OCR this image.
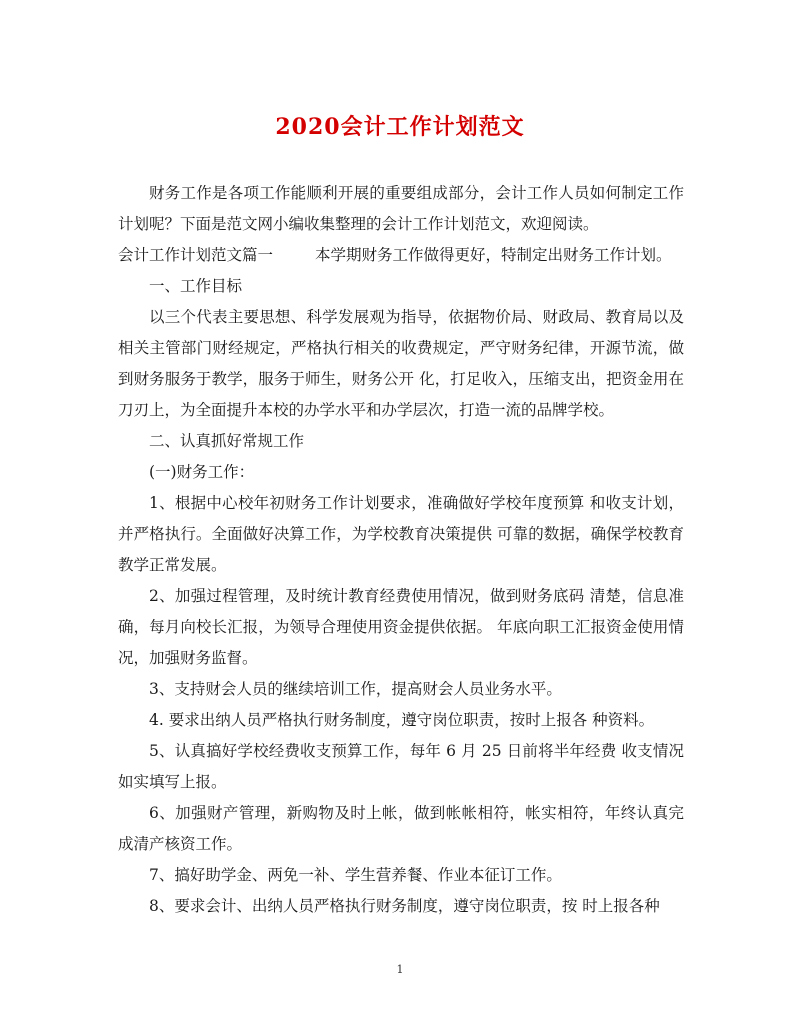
2020会计工作计划范文

财务工作是各项工作能顺利开展的重要组成部分，会计工作人员如何制定工作计划呢？下面是范文网小编收集整理的会计工作计划范文，欢迎阅读。

会计工作计划范文篇一	本学期财务工作做得更好，特制定出财务工作计划。

一、工作目标

以三个代表主要思想、科学发展观为指导，依据物价局、财政局、教育局以及相关主管部门财经规定，严格执行相关的收费规定，严守财务纪律，开源节流，做到财务服务于教学，服务于师生，财务公开 化，打足收入，压缩支出，把资金用在刀刃上，为全面提升本校的办学水平和办学层次，打造一流的品牌学校。

二、认真抓好常规工作

(一)财务工作：

1、根据中心校年初财务工作计划要求，准确做好学校年度预算 和收支计划，并严格执行。全面做好决算工作，为学校教育决策提供 可靠的数据，确保学校教育教学正常发展。

2、加强过程管理，及时统计教育经费使用情况，做到财务底码 清楚，信息准确，每月向校长汇报，为领导合理使用资金提供依据。 年底向职工汇报资金使用情况，加强财务监督。

3、支持财会人员的继续培训工作，提高财会人员业务水平。

4. 要求出纳人员严格执行财务制度，遵守岗位职责，按时上报各 种资料。

5、认真搞好学校经费收支预算工作，每年 6 月 25 日前将半年经费 收支情况如实填写上报。

6、加强财产管理，新购物及时上帐，做到帐帐相符，帐实相符，年终认真完成清产核资工作。

7、搞好助学金、两免一补、学生营养餐、作业本征订工作。

8、要求会计、出纳人员严格执行财务制度，遵守岗位职责，按 时上报各种

1
